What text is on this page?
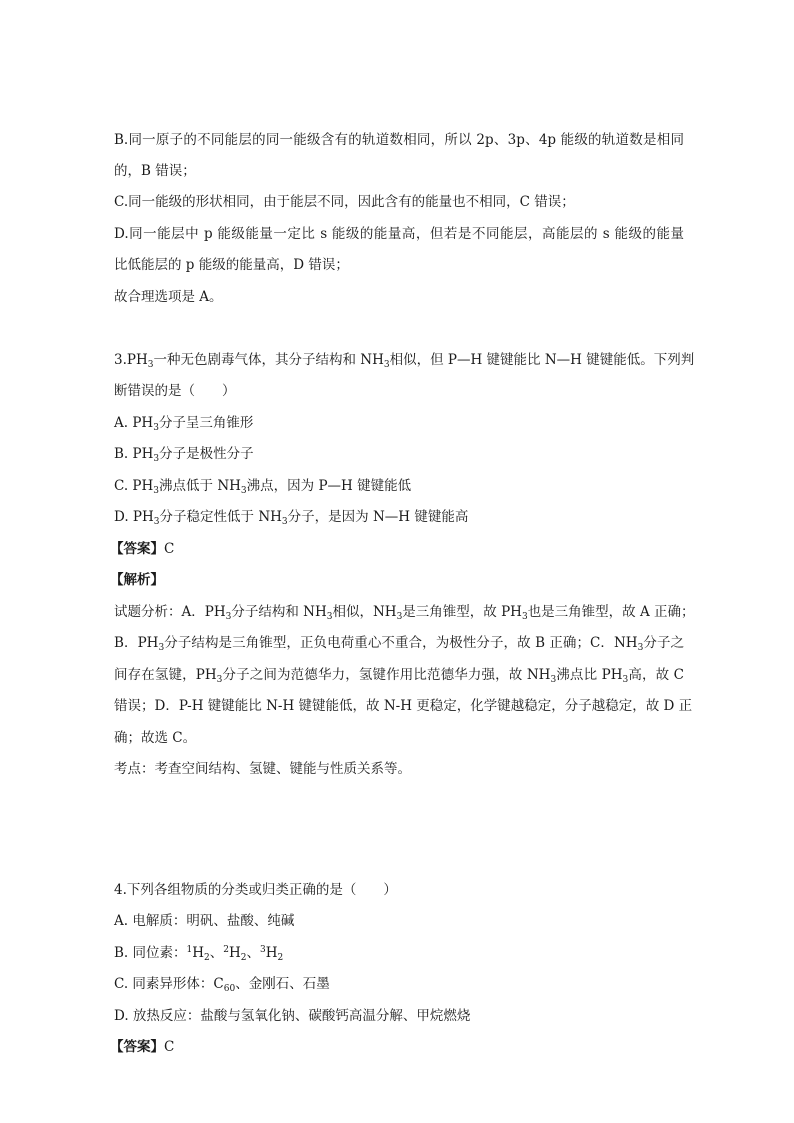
B.同一原子的不同能层的同一能级含有的轨道数相同，所以 2p、3p、4p 能级的轨道数是相同
的，B 错误；
C.同一能级的形状相同，由于能层不同，因此含有的能量也不相同，C 错误；
D.同一能层中 p 能级能量一定比 s 能级的能量高，但若是不同能层，高能层的 s 能级的能量
比低能层的 p 能级的能量高，D 错误；
故合理选项是 A。
$3.PH_3$一种无色剧毒气体，其分子结构和 $NH_3$相似，但 P—H 键键能比 N—H 键键能低。下列判
断错误的是（　　）
A. $PH_3$分子呈三角锥形
B. $PH_3$分子是极性分子
C. $PH_3$沸点低于 $NH_3$沸点，因为 P—H 键键能低
D. $PH_3$分子稳定性低于 $NH_3$分子，是因为 N—H 键键能高
【答案】C
【解析】
试题分析：A．$PH_3$分子结构和 $NH_3$相似，$NH_3$是三角锥型，故 $PH_3$也是三角锥型，故 A 正确；
B．$PH_3$分子结构是三角锥型，正负电荷重心不重合，为极性分子，故 B 正确；C．$NH_3$分子之
间存在氢键，$PH_3$分子之间为范德华力，氢键作用比范德华力强，故 $NH_3$沸点比 $PH_3$高，故 C
错误；D．P-H 键键能比 N-H 键键能低，故 N-H 更稳定，化学键越稳定，分子越稳定，故 D 正
确；故选 C。
考点：考查空间结构、氢键、键能与性质关系等。
4.下列各组物质的分类或归类正确的是（　　）
A. 电解质：明矾、盐酸、纯碱
B. 同位素：$^1H_2$、$^2H_2$、$^3H_2$
C. 同素异形体：$C_{60}$、金刚石、石墨
D. 放热反应：盐酸与氢氧化钠、碳酸钙高温分解、甲烷燃烧
【答案】C
